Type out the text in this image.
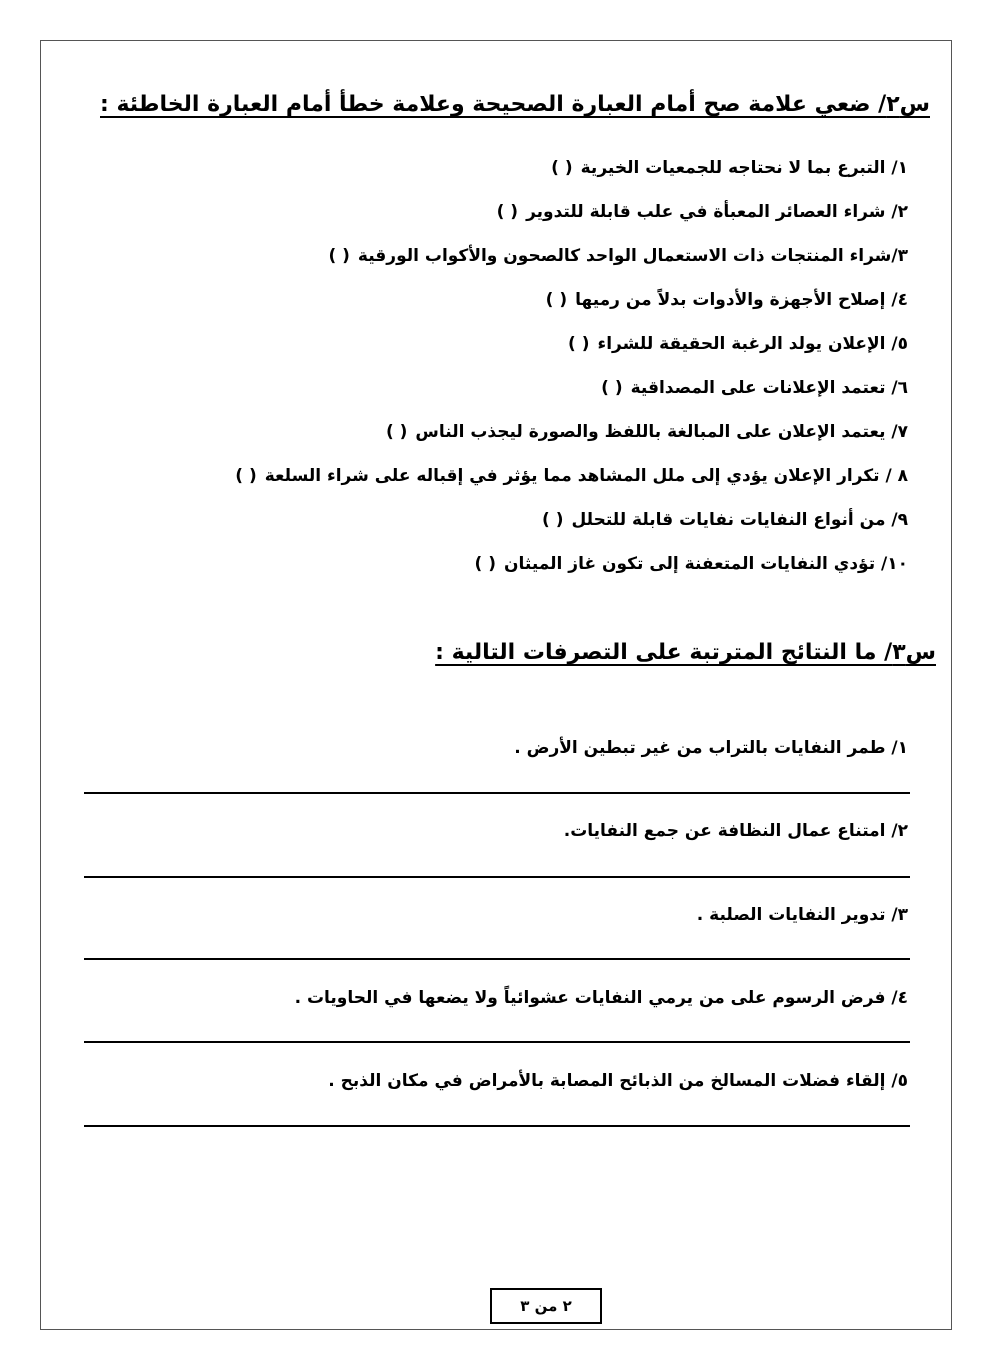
س٢/ ضعي علامة صح أمام العبارة الصحيحة وعلامة خطأ أمام العبارة الخاطئة :
١/ التبرع بما لا نحتاجه للجمعيات الخيرية( )
٢/ شراء العصائر المعبأة في علب قابلة للتدوير( )
٣/شراء المنتجات ذات الاستعمال الواحد كالصحون والأكواب الورقية( )
٤/ إصلاح الأجهزة والأدوات بدلاً من رميها( )
٥/ الإعلان يولد الرغبة الحقيقة للشراء( )
٦/ تعتمد الإعلانات على المصداقية( )
٧/ يعتمد الإعلان على المبالغة باللفظ والصورة ليجذب الناس( )
٨ / تكرار الإعلان يؤدي إلى ملل المشاهد مما يؤثر في إقباله على شراء السلعة( )
٩/ من أنواع النفايات نفايات قابلة للتحلل( )
١٠/ تؤدي النفايات المتعفنة إلى تكون غاز الميثان( )
س٣/ ما النتائج المترتبة على التصرفات التالية :
١/ طمر النفايات بالتراب من غير تبطين الأرض .
٢/ امتناع عمال النظافة عن جمع النفايات.
٣/ تدوير النفايات الصلبة .
٤/ فرض الرسوم على من يرمي النفايات عشوائياً ولا يضعها في الحاويات .
٥/ إلقاء فضلات المسالخ من الذبائح المصابة بالأمراض في مكان الذبح .
٢ من ٣
